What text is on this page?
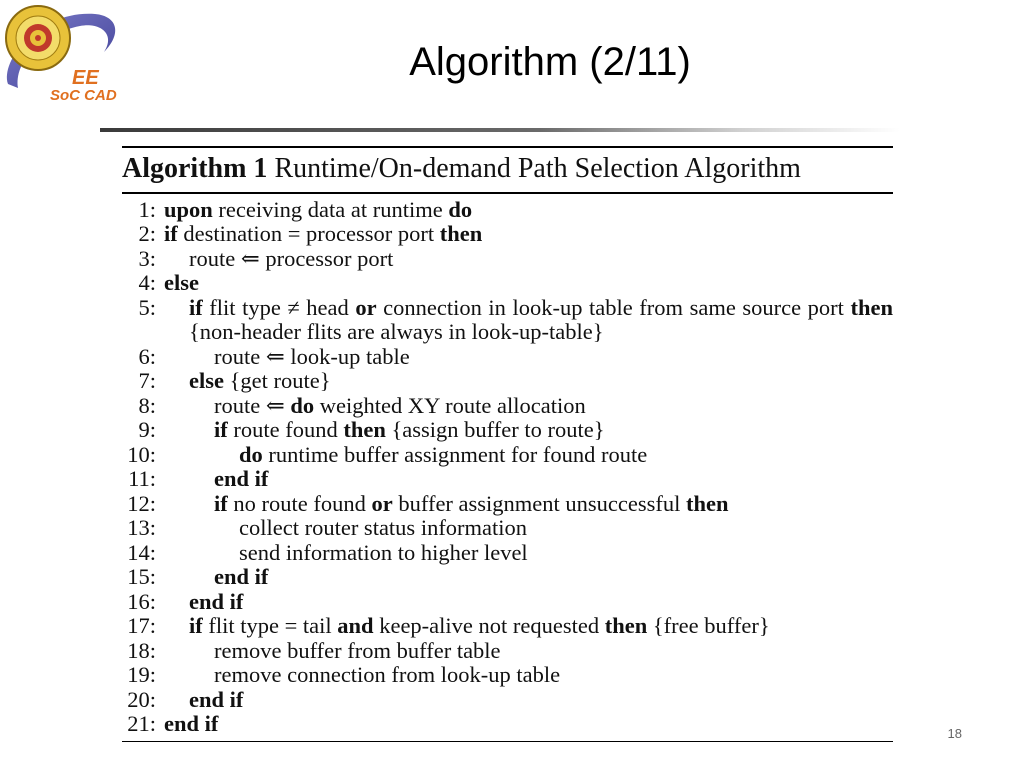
EE
SoC CAD
Algorithm (2/11)
Algorithm 1 Runtime/On-demand Path Selection Algorithm
1: upon receiving data at runtime do
2: if destination = processor port then
3: route ⇐ processor port
4: else
5: if flit type ≠ head or connection in look-up table from same source port then {non-header flits are always in look-up-table}
6:	route ⇐ look-up table
7: else {get route}
8:	route ⇐ do weighted XY route allocation
9:	if route found then {assign buffer to route}
10:	do runtime buffer assignment for found route
11:	end if
12:	if no route found or buffer assignment unsuccessful then
13:	collect router status information
14:	send information to higher level
15:	end if
16: end if
17: if flit type = tail and keep-alive not requested then {free buffer}
18:	remove buffer from buffer table
19:	remove connection from look-up table
20: end if
21: end if	18
